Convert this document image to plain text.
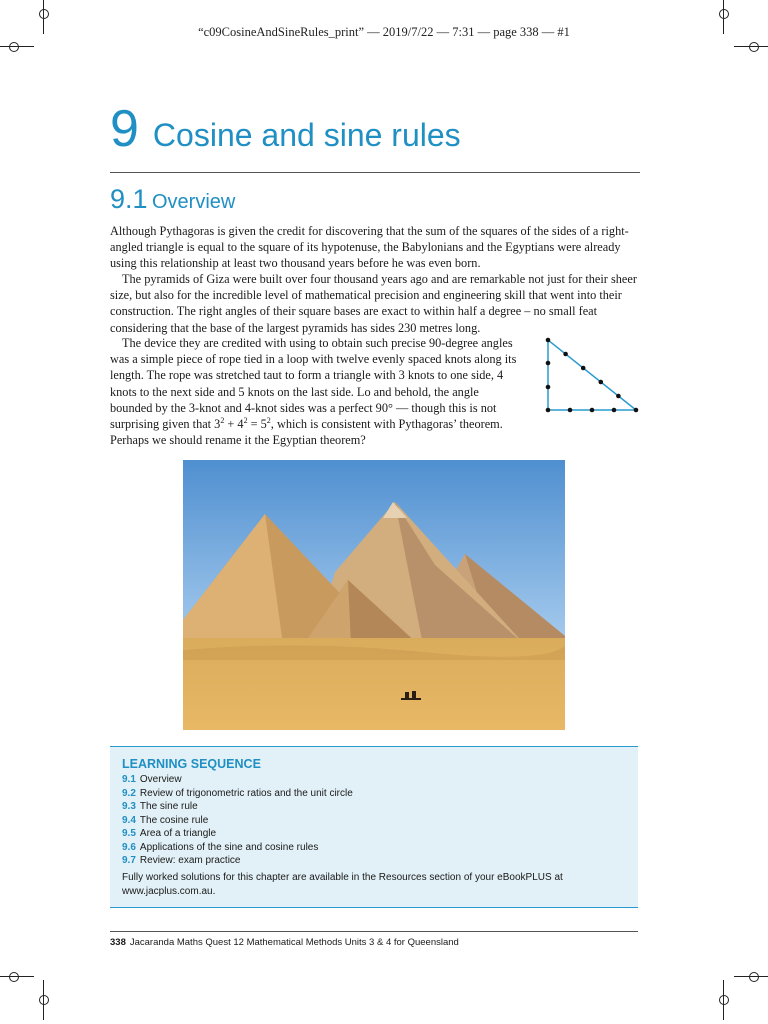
“c09CosineAndSineRules_print” — 2019/7/22 — 7:31 — page 338 — #1
9 Cosine and sine rules
9.1 Overview

Although Pythagoras is given the credit for discovering that the sum of the squares of the sides of a right-angled triangle is equal to the square of its hypotenuse, the Babylonians and the Egyptians were already using this relationship at least two thousand years before he was even born.

The pyramids of Giza were built over four thousand years ago and are remarkable not just for their sheer size, but also for the incredible level of mathematical precision and engineering skill that went into their construction. The right angles of their square bases are exact to within half a degree – no small feat considering that the base of the largest pyramids has sides 230 metres long.

The device they are credited with using to obtain such precise 90-degree angles was a simple piece of rope tied in a loop with twelve evenly spaced knots along its length. The rope was stretched taut to form a triangle with 3 knots to one side, 4 knots to the next side and 5 knots on the last side. Lo and behold, the angle bounded by the 3-knot and 4-knot sides was a perfect 90° — though this is not surprising given that $3^2 + 4^2 = 5^2$, which is consistent with Pythagoras’ theorem. Perhaps we should rename it the Egyptian theorem?

LEARNING SEQUENCE
9.1 Overview
9.2 Review of trigonometric ratios and the unit circle
9.3 The sine rule
9.4 The cosine rule
9.5 Area of a triangle
9.6 Applications of the sine and cosine rules
9.7 Review: exam practice
Fully worked solutions for this chapter are available in the Resources section of your eBookPLUS at www.jacplus.com.au.
338 Jacaranda Maths Quest 12 Mathematical Methods Units 3 & 4 for Queensland
